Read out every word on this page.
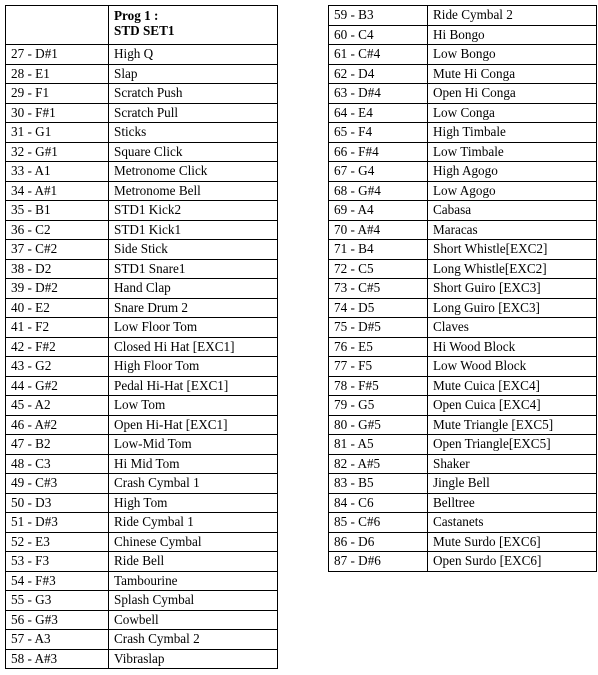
	Prog 1 :
STD SET1

27 - D#1	High Q
28 - E1	Slap
29 - F1	Scratch Push
30 - F#1	Scratch Pull
31 - G1	Sticks
32 - G#1	Square Click
33 - A1	Metronome Click
34 - A#1	Metronome Bell
35 - B1	STD1 Kick2
36 - C2	STD1 Kick1
37 - C#2	Side Stick
38 - D2	STD1 Snare1
39 - D#2	Hand Clap
40 - E2	Snare Drum 2
41 - F2	Low Floor Tom
42 - F#2	Closed Hi Hat [EXC1]
43 - G2	High Floor Tom
44 - G#2	Pedal Hi-Hat [EXC1]
45 - A2	Low Tom
46 - A#2	Open Hi-Hat [EXC1]
47 - B2	Low-Mid Tom
48 - C3	Hi Mid Tom
49 - C#3	Crash Cymbal 1
50 - D3	High Tom
51 - D#3	Ride Cymbal 1
52 - E3	Chinese Cymbal
53 - F3	Ride Bell
54 - F#3	Tambourine
55 - G3	Splash Cymbal
56 - G#3	Cowbell
57 - A3	Crash Cymbal 2
58 - A#3	Vibraslap
59 - B3	Ride Cymbal 2
60 - C4	Hi Bongo
61 - C#4	Low Bongo
62 - D4	Mute Hi Conga
63 - D#4	Open Hi Conga
64 - E4	Low Conga
65 - F4	High Timbale
66 - F#4	Low Timbale
67 - G4	High Agogo
68 - G#4	Low Agogo
69 - A4	Cabasa
70 - A#4	Maracas
71 - B4	Short Whistle[EXC2]
72 - C5	Long Whistle[EXC2]
73 - C#5	Short Guiro [EXC3]
74 - D5	Long Guiro [EXC3]
75 - D#5	Claves
76 - E5	Hi Wood Block
77 - F5	Low Wood Block
78 - F#5	Mute Cuica [EXC4]
79 - G5	Open Cuica [EXC4]
80 - G#5	Mute Triangle [EXC5]
81 - A5	Open Triangle[EXC5]
82 - A#5	Shaker
83 - B5	Jingle Bell
84 - C6	Belltree
85 - C#6	Castanets
86 - D6	Mute Surdo [EXC6]
87 - D#6	Open Surdo [EXC6]
